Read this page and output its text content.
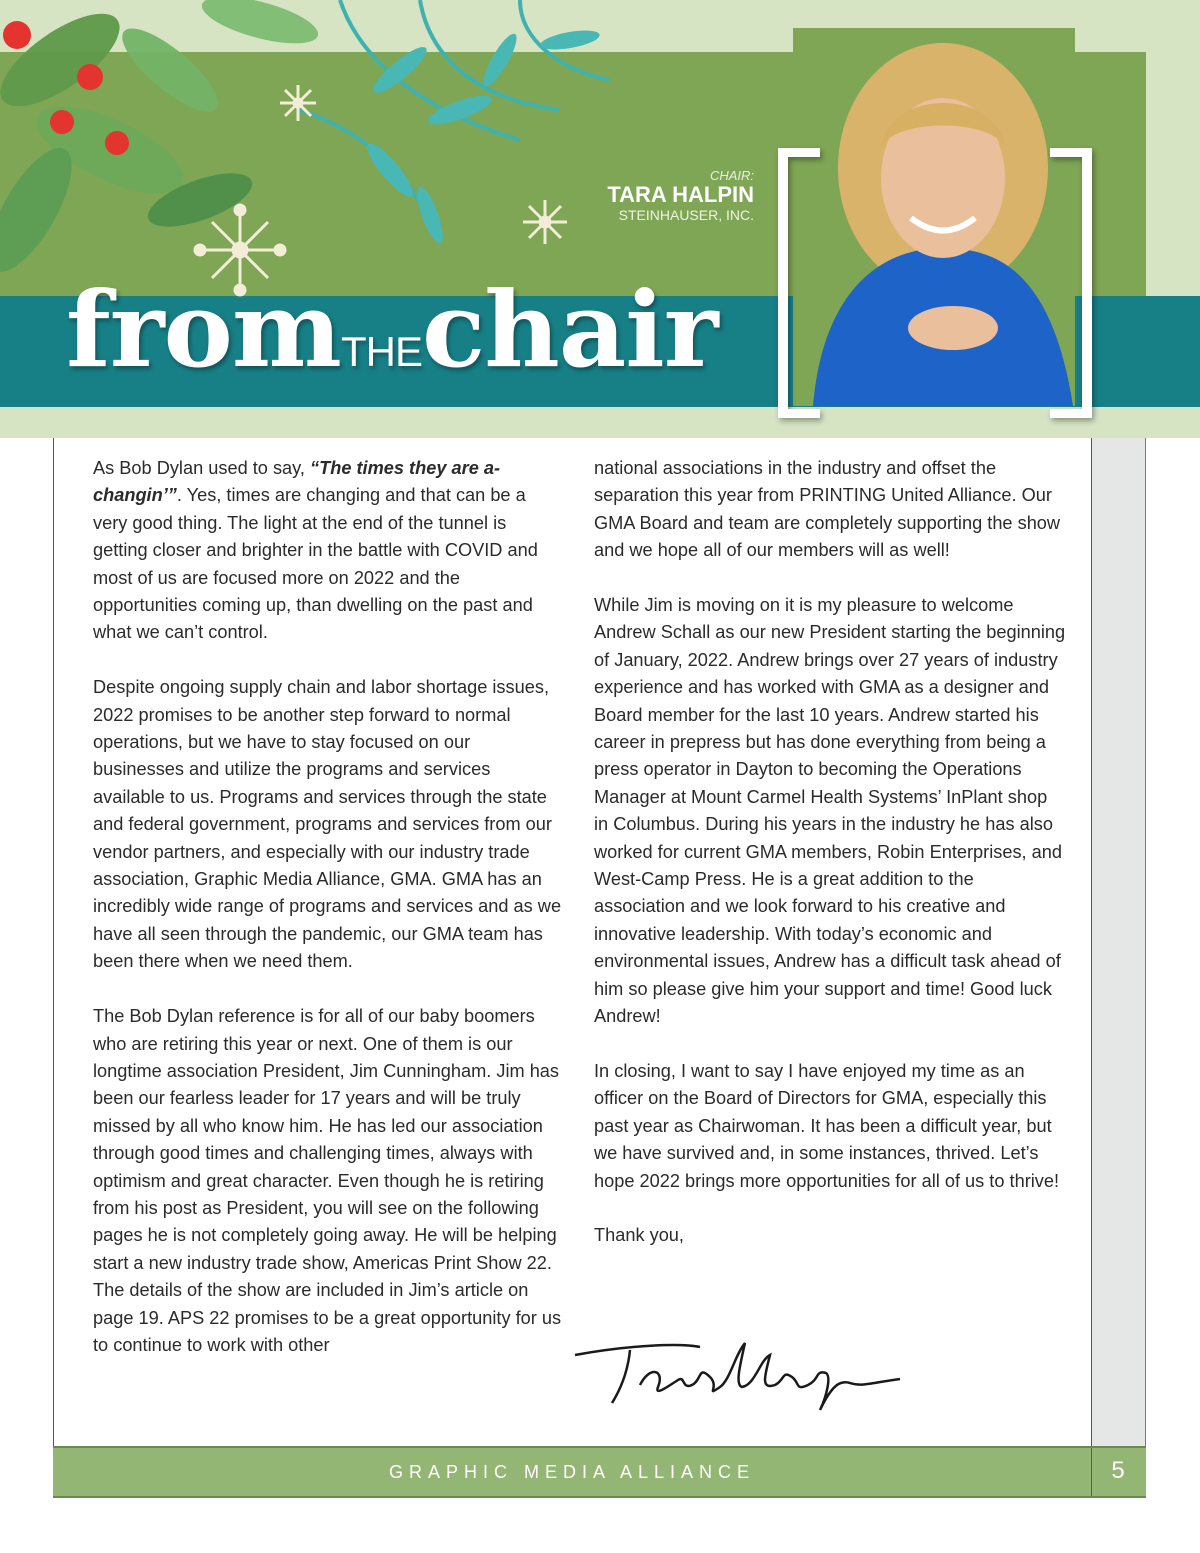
fromTHEchair
CHAIR:
TARA HALPIN
STEINHAUSER, INC.

As Bob Dylan used to say, “The times they are a-changin’”. Yes, times are changing and that can be a very good thing. The light at the end of the tunnel is getting closer and brighter in the battle with COVID and most of us are focused more on 2022 and the opportunities coming up, than dwelling on the past and what we can’t control.

Despite ongoing supply chain and labor shortage issues, 2022 promises to be another step forward to normal operations, but we have to stay focused on our businesses and utilize the programs and services available to us. Programs and services through the state and federal government, programs and services from our vendor partners, and especially with our industry trade association, Graphic Media Alliance, GMA. GMA has an incredibly wide range of programs and services and as we have all seen through the pandemic, our GMA team has been there when we need them.

The Bob Dylan reference is for all of our baby boomers who are retiring this year or next. One of them is our longtime association President, Jim Cunningham. Jim has been our fearless leader for 17 years and will be truly missed by all who know him. He has led our association through good times and challenging times, always with optimism and great character. Even though he is retiring from his post as President, you will see on the following pages he is not completely going away. He will be helping start a new industry trade show, Americas Print Show 22. The details of the show are included in Jim’s article on page 19. APS 22 promises to be a great opportunity for us to continue to work with other

national associations in the industry and offset the separation this year from PRINTING United Alliance. Our GMA Board and team are completely supporting the show and we hope all of our members will as well!

While Jim is moving on it is my pleasure to welcome Andrew Schall as our new President starting the beginning of January, 2022. Andrew brings over 27 years of industry experience and has worked with GMA as a designer and Board member for the last 10 years. Andrew started his career in prepress but has done everything from being a press operator in Dayton to becoming the Operations Manager at Mount Carmel Health Systems’ InPlant shop in Columbus. During his years in the industry he has also worked for current GMA members, Robin Enterprises, and West-Camp Press. He is a great addition to the association and we look forward to his creative and innovative leadership. With today’s economic and environmental issues, Andrew has a difficult task ahead of him so please give him your support and time! Good luck Andrew!

In closing, I want to say I have enjoyed my time as an officer on the Board of Directors for GMA, especially this past year as Chairwoman. It has been a difficult year, but we have survived and, in some instances, thrived. Let’s hope 2022 brings more opportunities for all of us to thrive!

Thank you,

GRAPHIC MEDIA ALLIANCE	5
